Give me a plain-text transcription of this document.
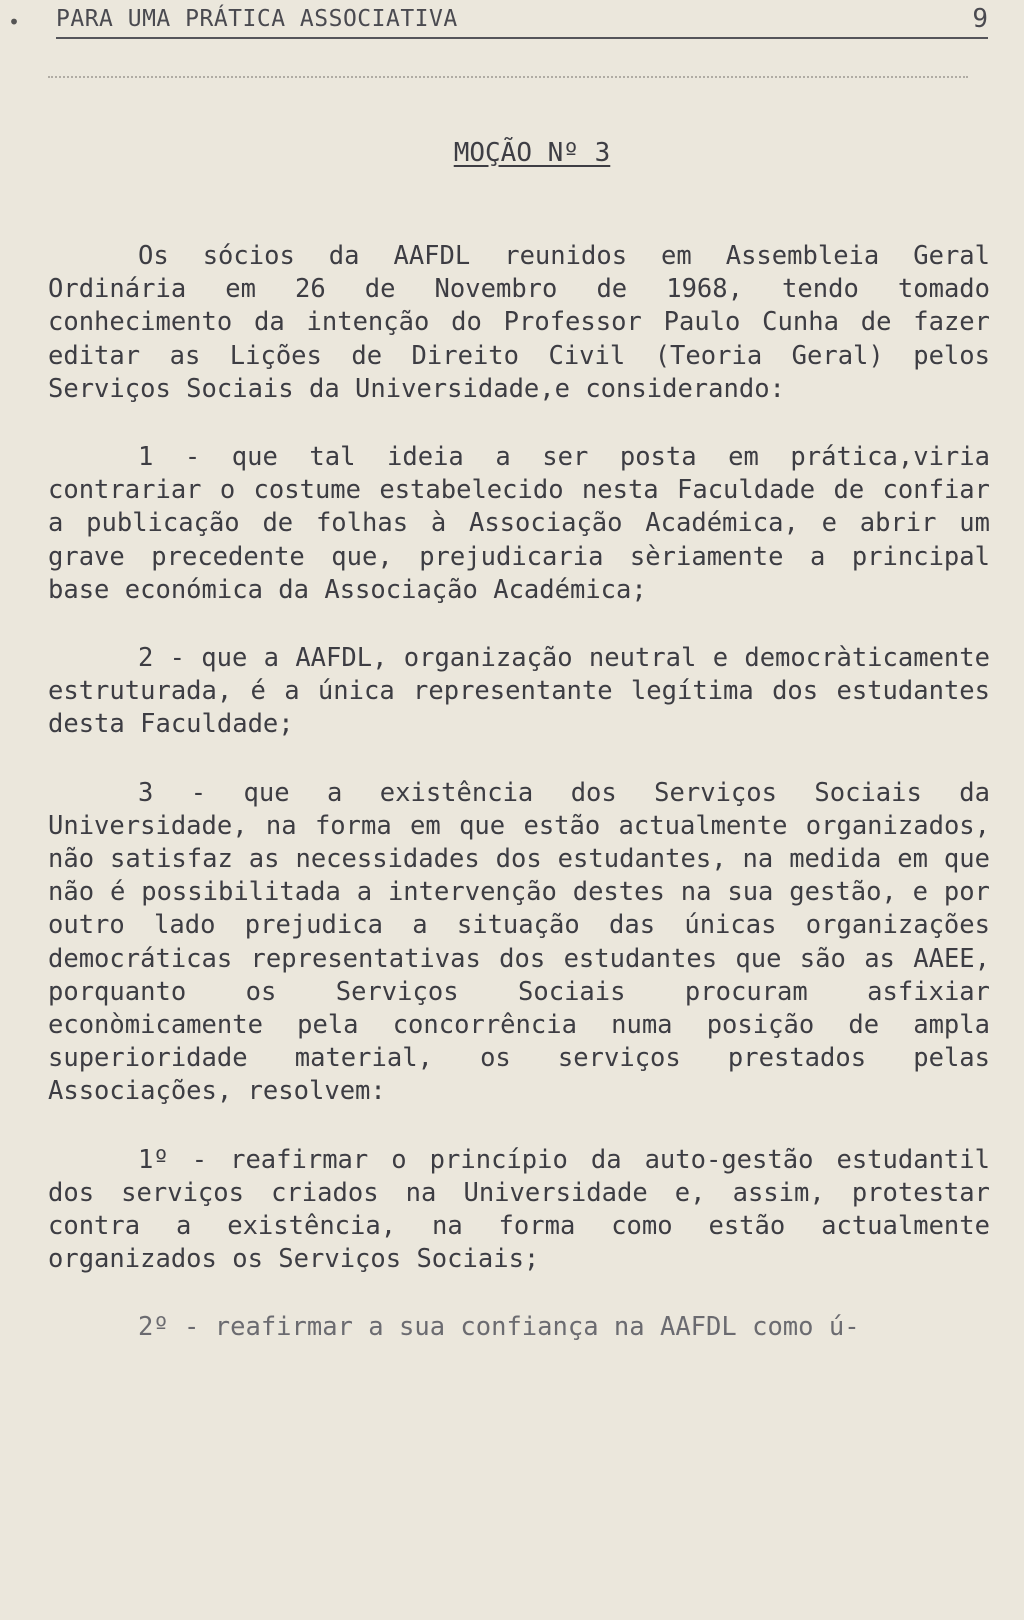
• PARA UMA PRÁTICA ASSOCIATIVA	9
MOÇÃO Nº 3

Os sócios da AAFDL reunidos em Assembleia Geral Ordinária em 26 de Novembro de 1968, tendo tomado conhecimento da intenção do Professor Paulo Cunha de fazer editar as Lições de Direito Civil (Teoria Geral) pelos Serviços Sociais da Universidade,e considerando:

1 - que tal ideia a ser posta em prática,viria contrariar o costume estabelecido nesta Faculdade de confiar a publicação de folhas à Associação Académica, e abrir um grave precedente que, prejudicaria sèriamente a principal base económica da Associação Académica;

2 - que a AAFDL, organização neutral e democràticamente estruturada, é a única representante legítima dos estudantes desta Faculdade;

3 - que a existência dos Serviços Sociais da Universidade, na forma em que estão actualmente organizados, não satisfaz as necessidades dos estudantes, na medida em que não é possibilitada a intervenção destes na sua gestão, e por outro lado prejudica a situação das únicas organizações democráticas representativas dos estudantes que são as AAEE, porquanto os Serviços Sociais procuram asfixiar econòmicamente pela concorrência numa posição de ampla superioridade material, os serviços prestados pelas Associações, resolvem:

1º - reafirmar o princípio da auto-gestão estudantil dos serviços criados na Universidade e, assim, protestar contra a existência, na forma como estão actualmente organizados os Serviços Sociais;

2º - reafirmar a sua confiança na AAFDL como ú-
